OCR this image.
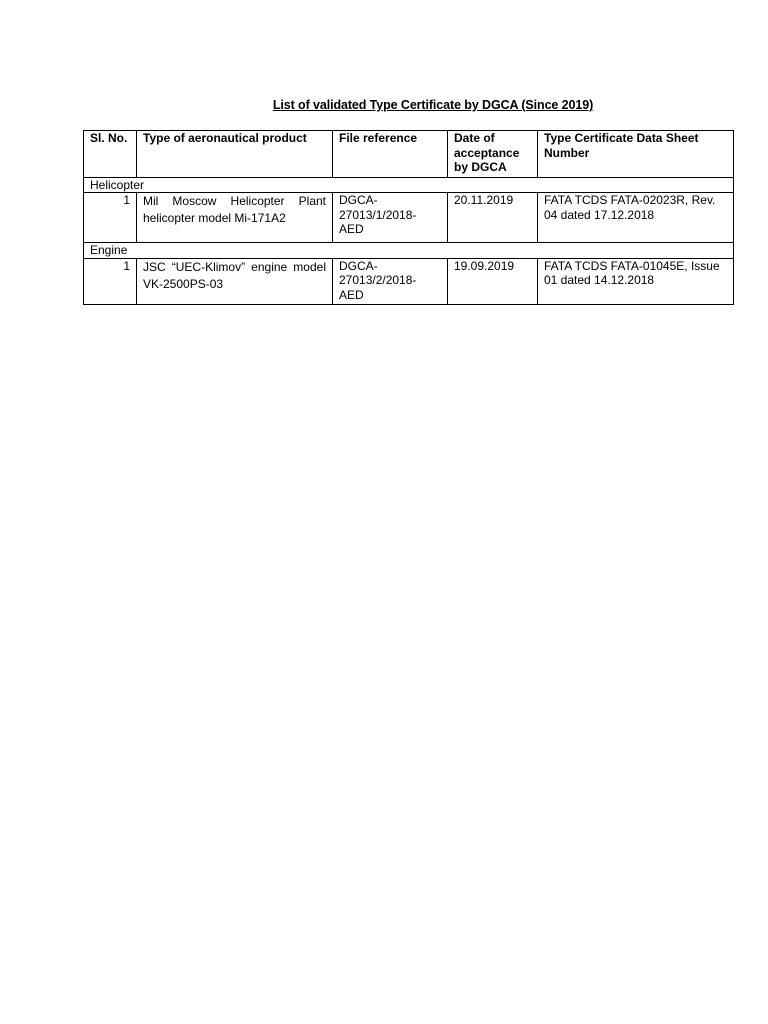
List of validated Type Certificate by DGCA (Since 2019)
Sl. No.	Type of aeronautical product	File reference	Date of acceptance by DGCA	Type Certificate Data Sheet Number
Helicopter				
1	Mil Moscow Helicopter Plant helicopter model Mi-171A2	DGCA-27013/1/2018-AED	20.11.2019	FATA TCDS FATA-02023R, Rev. 04 dated 17.12.2018
Engine				
1	JSC “UEC-Klimov” engine model VK-2500PS-03	DGCA-27013/2/2018-AED	19.09.2019	FATA TCDS FATA-01045E, Issue 01 dated 14.12.2018
